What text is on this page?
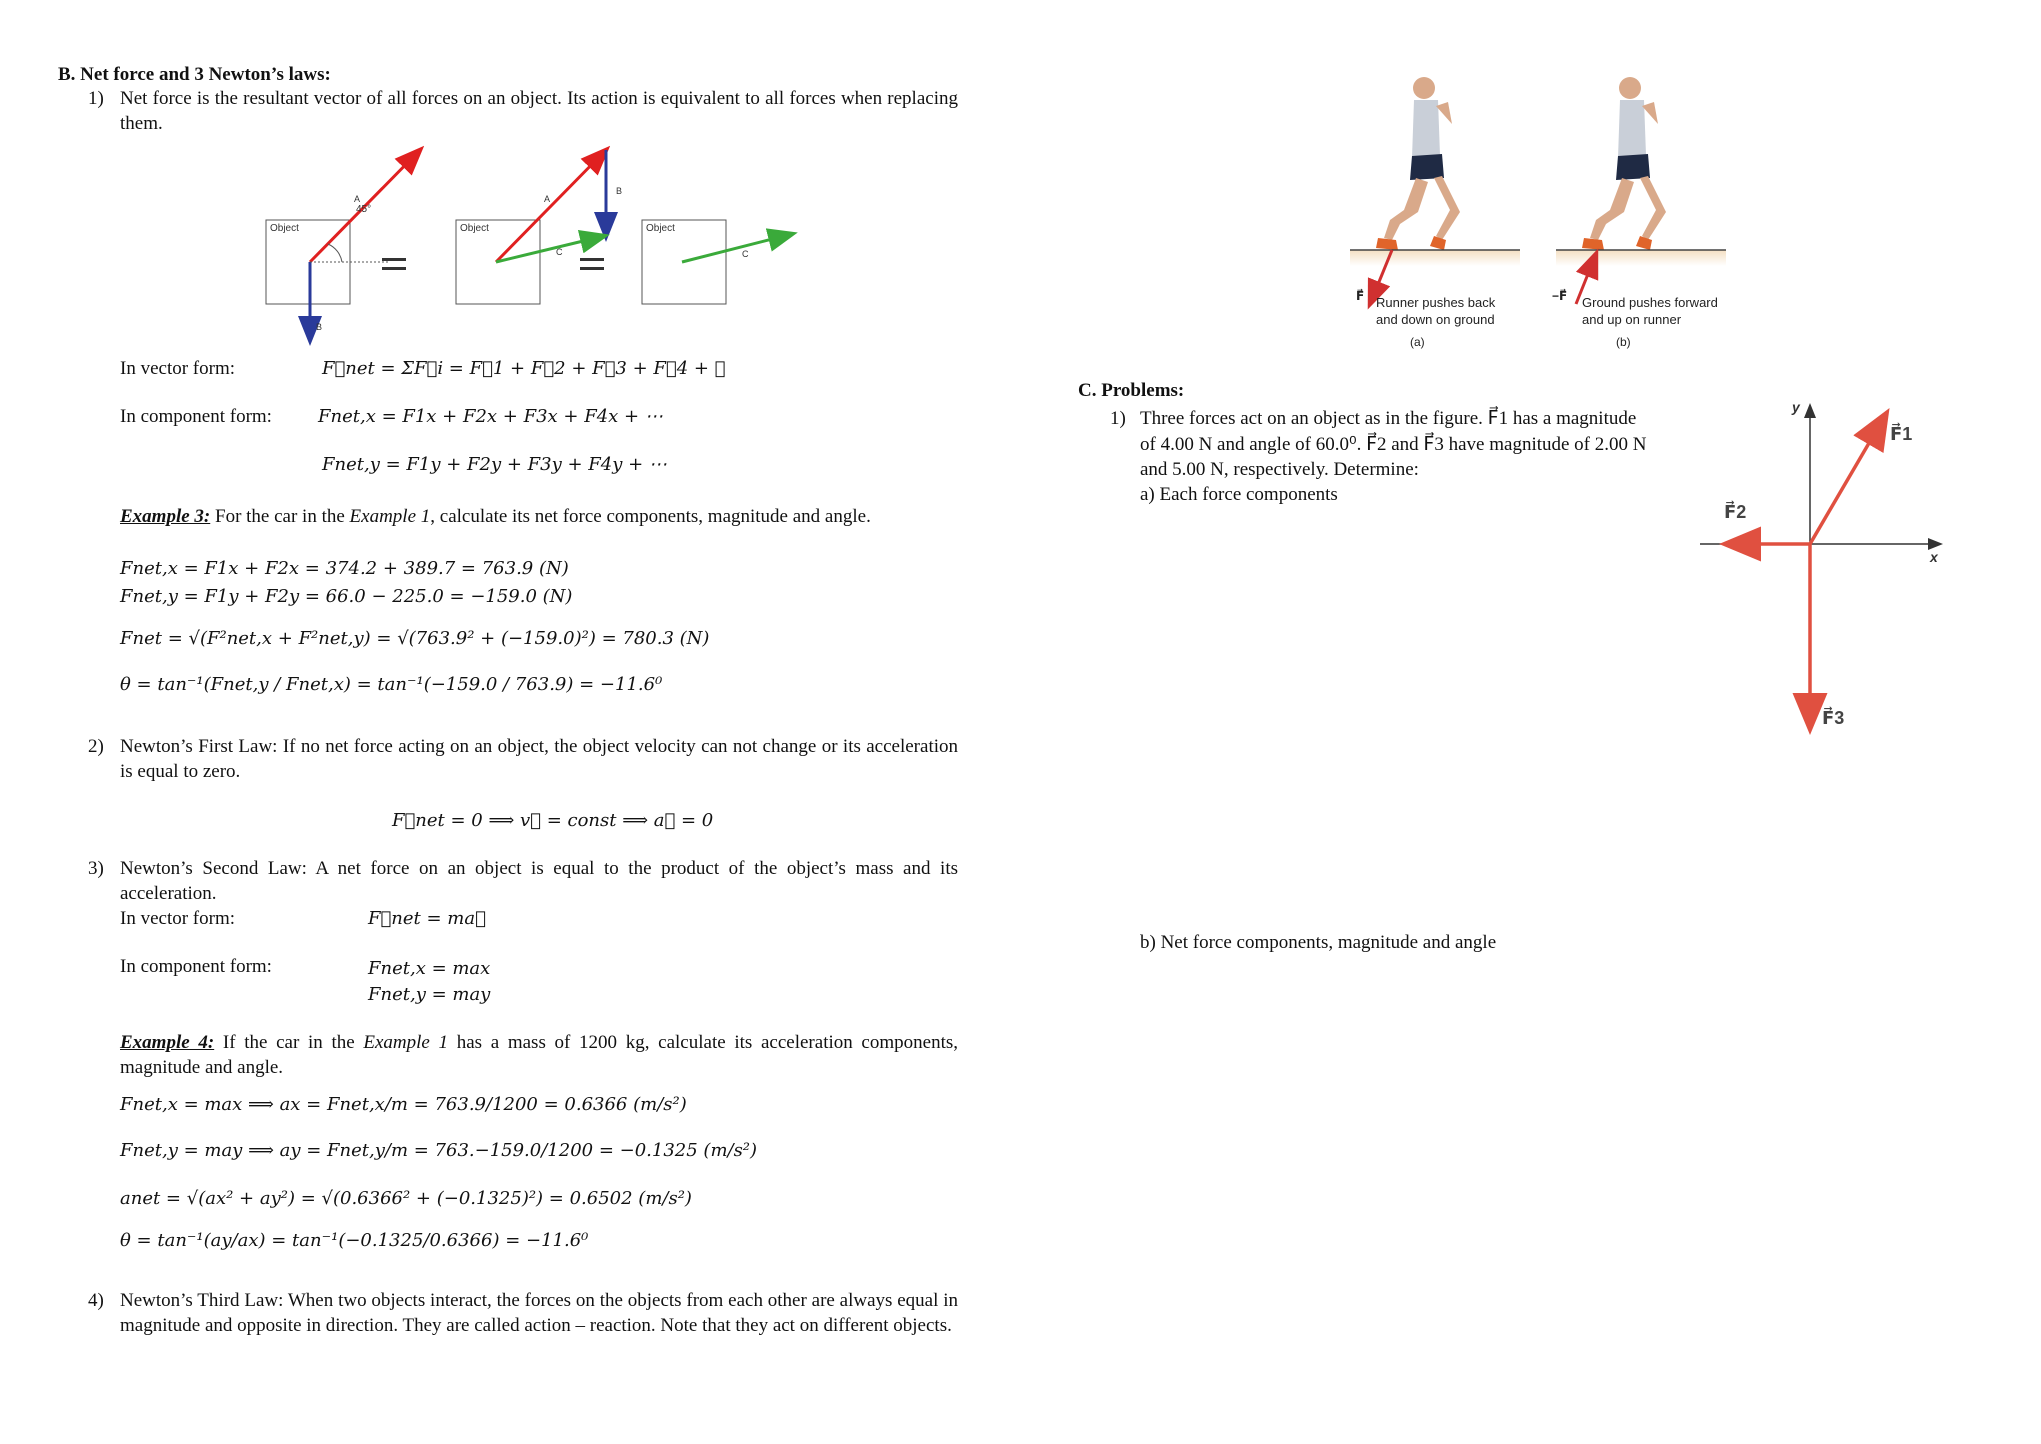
B. Net force and 3 Newton’s laws:
1) Net force is the resultant vector of all forces on an object. Its action is equivalent to all forces when replacing them.
Object
45°
A
B
Object
A
B
C
Object
C
In vector form:	F⃗net = ΣF⃗i = F⃗1 + F⃗2 + F⃗3 + F⃗4 + ⋯
In component form:	Fnet,x = F1x + F2x + F3x + F4x + ⋯
Fnet,y = F1y + F2y + F3y + F4y + ⋯
Example 3: For the car in the Example 1, calculate its net force components, magnitude and angle.
Fnet,x = F1x + F2x = 374.2 + 389.7 = 763.9 (N)
Fnet,y = F1y + F2y = 66.0 − 225.0 = −159.0 (N)
Fnet = √(F²net,x + F²net,y) = √(763.9² + (−159.0)²) = 780.3 (N)
θ = tan⁻¹(Fnet,y / Fnet,x) = tan⁻¹(−159.0 / 763.9) = −11.6⁰
2) Newton’s First Law: If no net force acting on an object, the object velocity can not change or its acceleration is equal to zero.
F⃗net = 0 ⟹ v⃗ = const ⟹ a⃗ = 0
3) Newton’s Second Law: A net force on an object is equal to the product of the object’s mass and its acceleration.
In vector form:	F⃗net = ma⃗
In component form:	Fnet,x = max
Fnet,y = may
Example 4: If the car in the Example 1 has a mass of 1200 kg, calculate its acceleration components, magnitude and angle.
Fnet,x = max ⟹ ax = Fnet,x/m = 763.9/1200 = 0.6366 (m/s²)
Fnet,y = may ⟹ ay = Fnet,y/m = 763.−159.0/1200 = −0.1325 (m/s²)
anet = √(ax² + ay²) = √(0.6366² + (−0.1325)²) = 0.6502 (m/s²)
θ = tan⁻¹(ay/ax) = tan⁻¹(−0.1325/0.6366) = −11.6⁰
4) Newton’s Third Law: When two objects interact, the forces on the objects from each other are always equal in magnitude and opposite in direction. They are called action – reaction. Note that they act on different objects.
F⃗ Runner pushes back
and down on ground
(a)
−F⃗ Ground pushes forward
and up on runner
(b)
C. Problems:
1) Three forces act on an object as in the figure. F⃗1 has a magnitude
of 4.00 N and angle of 60.0⁰. F⃗2 and F⃗3 have magnitude of 2.00 N
and 5.00 N, respectively. Determine:
a) Each force components
b) Net force components, magnitude and angle
y
x
F⃗1
F⃗2
F⃗3
